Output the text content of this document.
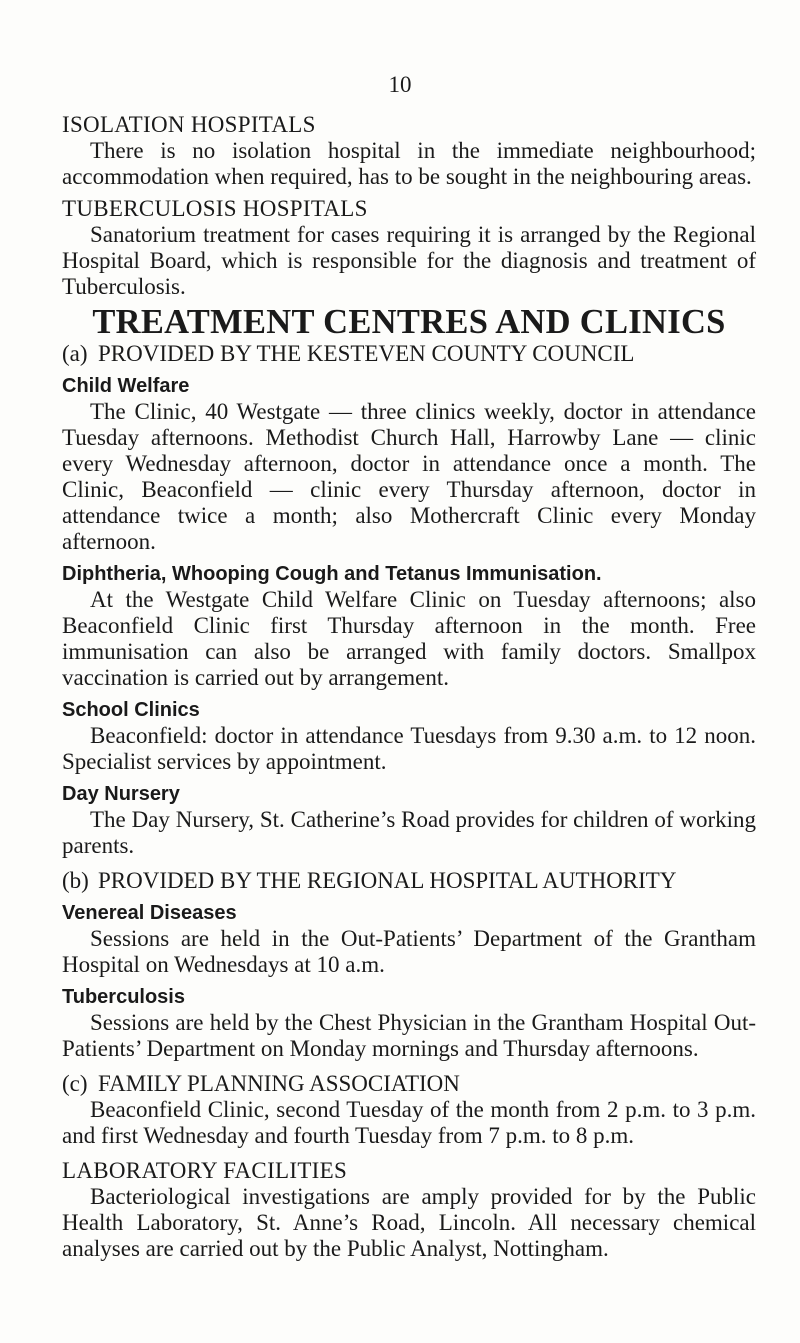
10
ISOLATION HOSPITALS

There is no isolation hospital in the immediate neighbourhood; accommodation when required, has to be sought in the neighbouring areas.

TUBERCULOSIS HOSPITALS

Sanatorium treatment for cases requiring it is arranged by the Regional Hospital Board, which is responsible for the diagnosis and treatment of Tuberculosis.

TREATMENT CENTRES AND CLINICS
(a) PROVIDED BY THE KESTEVEN COUNTY COUNCIL
Child Welfare

The Clinic, 40 Westgate — three clinics weekly, doctor in attendance Tuesday afternoons. Methodist Church Hall, Harrowby Lane — clinic every Wednesday afternoon, doctor in attendance once a month. The Clinic, Beaconfield — clinic every Thursday afternoon, doctor in attendance twice a month; also Mothercraft Clinic every Monday afternoon.

Diphtheria, Whooping Cough and Tetanus Immunisation.

At the Westgate Child Welfare Clinic on Tuesday afternoons; also Beaconfield Clinic first Thursday afternoon in the month. Free immunisation can also be arranged with family doctors. Smallpox vaccination is carried out by arrangement.

School Clinics

Beaconfield: doctor in attendance Tuesdays from 9.30 a.m. to 12 noon. Specialist services by appointment.

Day Nursery

The Day Nursery, St. Catherine’s Road provides for children of working parents.

(b) PROVIDED BY THE REGIONAL HOSPITAL AUTHORITY
Venereal Diseases

Sessions are held in the Out-Patients’ Department of the Grantham Hospital on Wednesdays at 10 a.m.

Tuberculosis

Sessions are held by the Chest Physician in the Grantham Hospital Out-Patients’ Department on Monday mornings and Thursday afternoons.

(c) FAMILY PLANNING ASSOCIATION

Beaconfield Clinic, second Tuesday of the month from 2 p.m. to 3 p.m. and first Wednesday and fourth Tuesday from 7 p.m. to 8 p.m.

LABORATORY FACILITIES

Bacteriological investigations are amply provided for by the Public Health Laboratory, St. Anne’s Road, Lincoln. All necessary chemical analyses are carried out by the Public Analyst, Nottingham.
